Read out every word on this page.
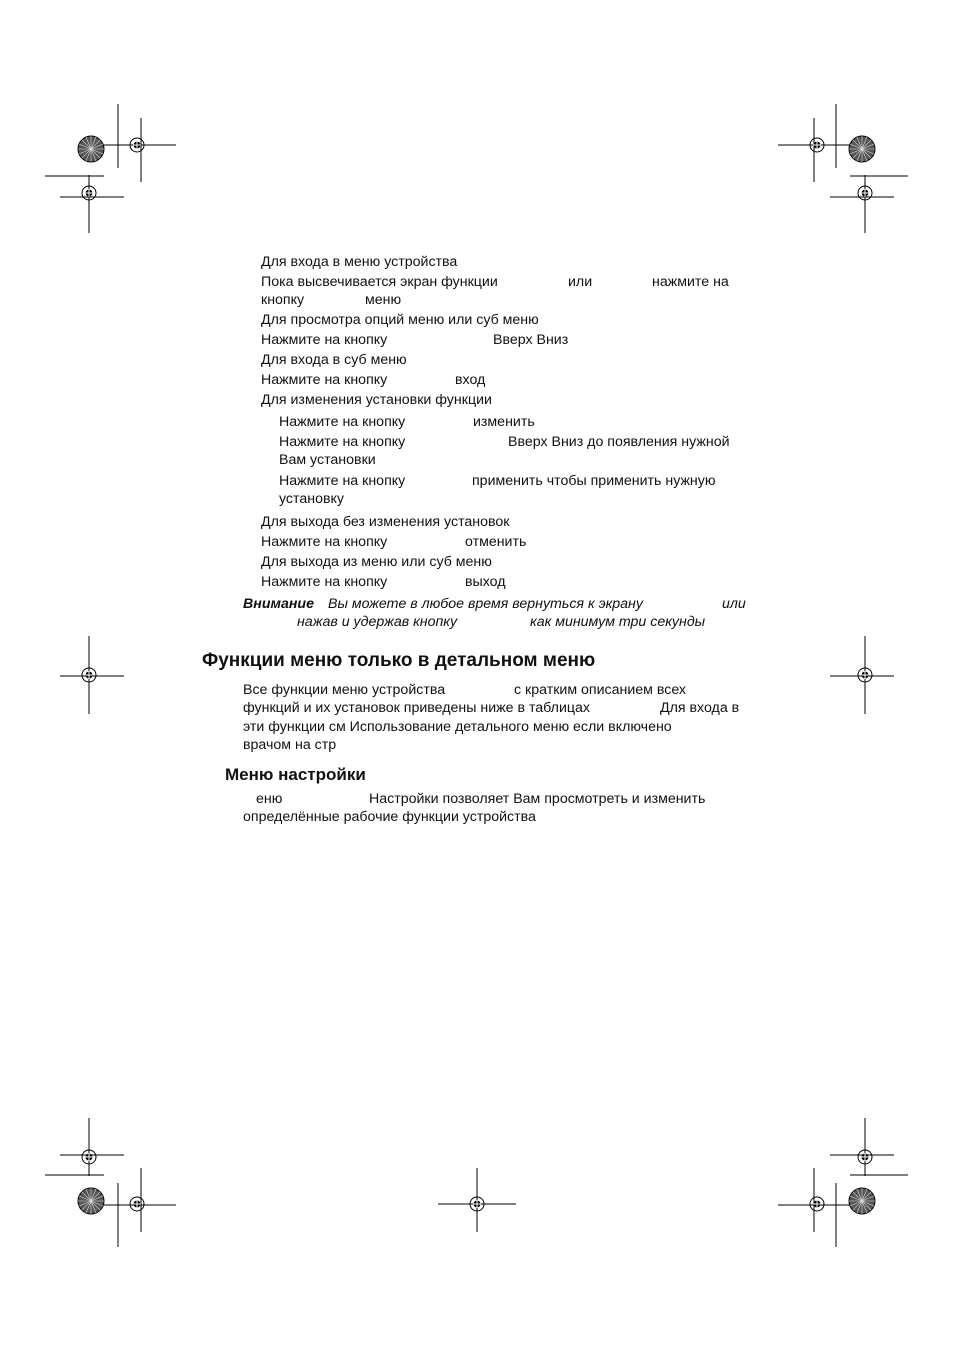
Для входа в меню устройства
Пока высвечивается экран функции	или	нажмите на
кнопку	меню
Для просмотра опций меню или суб меню
Нажмите на кнопку	Вверх Вниз
Для входа в суб меню
Нажмите на кнопку	вход
Для изменения установки функции
Нажмите на кнопку	изменить
Нажмите на кнопку	Вверх Вниз до появления нужной
Вам установки
Нажмите на кнопку	применить чтобы применить нужную
установку
Для выхода без изменения установок
Нажмите на кнопку	отменить
Для выхода из меню или суб меню
Нажмите на кнопку	выход
Внимание Вы можете в любое время вернуться к экрану	или
нажав и удержав кнопку	как минимум три секунды
Функции меню только в детальном меню
Все функции меню устройства	с кратким описанием всех
функций и их установок приведены ниже в таблицах	Для входа в
эти функции см Использование детального меню если включено
врачом на стр
Меню настройки
еню	Настройки позволяет Вам просмотреть и изменить
определённые рабочие функции устройства
